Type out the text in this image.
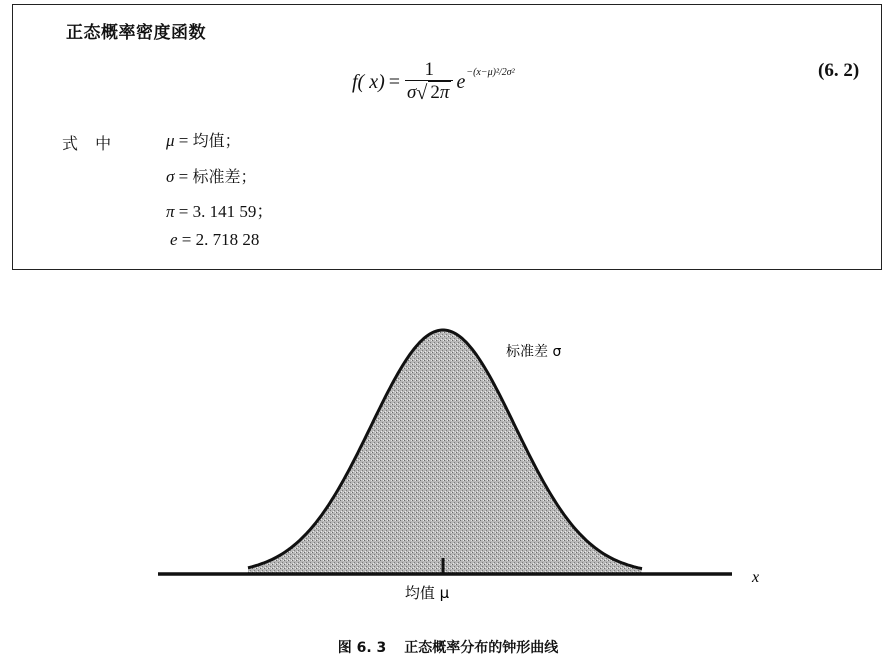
正态概率密度函数
f( $x) = \frac{1}{\sigma √ 2\pi}$ e −(x−μ)²/2σ²	(6. 2)
式 中	μ = 均值；
σ = 标准差；
π = 3. 141 59；
e = 2. 718 28
x
均值 μ
标准差 σ
图 6. 3 正态概率分布的钟形曲线
